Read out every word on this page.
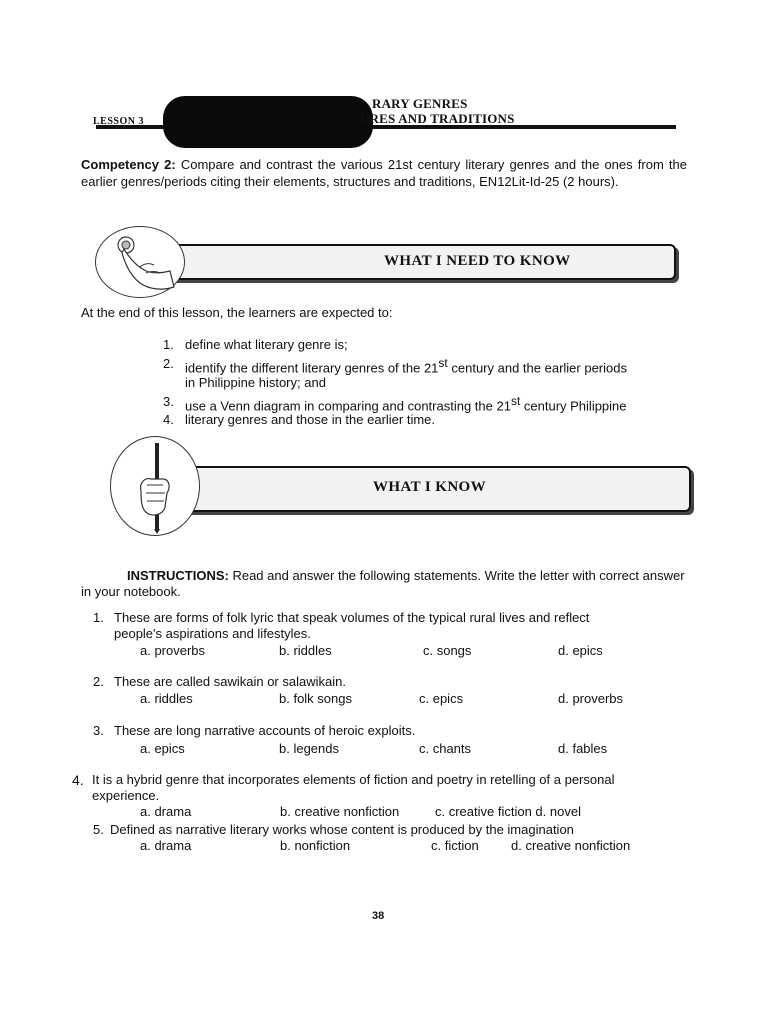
LESSON 3
RARY GENRES
URES AND TRADITIONS
Competency 2: Compare and contrast the various 21st century literary genres and the ones from the earlier genres/periods citing their elements, structures and traditions, EN12Lit-Id-25 (2 hours).
WHAT I NEED TO KNOW
At the end of this lesson, the learners are expected to:
1. define what literary genre is;
2. identify the different literary genres of the 21st century and the earlier periods
in Philippine history; and
3. use a Venn diagram in comparing and contrasting the 21st century Philippine
4. literary genres and those in the earlier time.
WHAT I KNOW
INSTRUCTIONS: Read and answer the following statements. Write the letter with correct answer in your notebook.
1. These are forms of folk lyric that speak volumes of the typical rural lives and reflect
people's aspirations and lifestyles.
a. proverbs	b. riddles	c. songs	d. epics
2. These are called sawikain or salawikain.
a. riddles	b. folk songs	c. epics	d. proverbs
3. These are long narrative accounts of heroic exploits.
a. epics	b. legends	c. chants	d. fables
4. It is a hybrid genre that incorporates elements of fiction and poetry in retelling of a personal
experience.
a. drama	b. creative nonfiction	c. creative fiction d. novel
5. Defined as narrative literary works whose content is produced by the imagination
a. drama	b. nonfiction	c. fiction d. creative nonfiction
38
